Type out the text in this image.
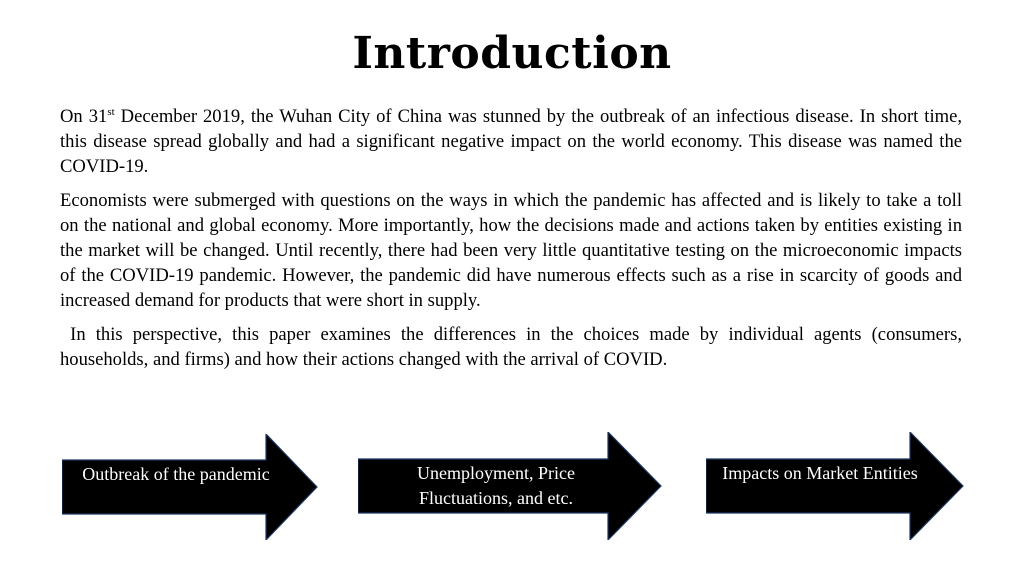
Introduction

On 31st December 2019, the Wuhan City of China was stunned by the outbreak of an infectious disease. In short time, this disease spread globally and had a significant negative impact on the world economy. This disease was named the COVID-19.

Economists were submerged with questions on the ways in which the pandemic has affected and is likely to take a toll on the national and global economy. More importantly, how the decisions made and actions taken by entities existing in the market will be changed. Until recently, there had been very little quantitative testing on the microeconomic impacts of the COVID-19 pandemic. However, the pandemic did have numerous effects such as a rise in scarcity of goods and increased demand for products that were short in supply.

In this perspective, this paper examines the differences in the choices made by individual agents (consumers, households, and firms) and how their actions changed with the arrival of COVID.

Outbreak of the pandemic	Unemployment, Price Fluctuations, and etc.
Impacts on Market Entities
